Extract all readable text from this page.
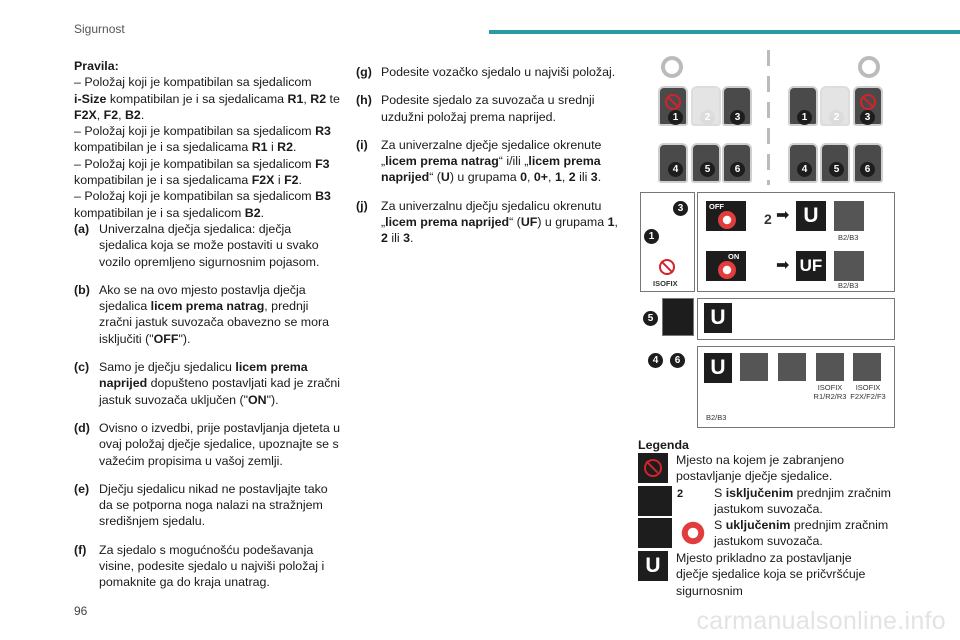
Sigurnost

Pravila:

– Položaj koji je kompatibilan sa sjedalicom

i-Size kompatibilan je i sa sjedalicama R1, R2 te

F2X, F2, B2.

– Položaj koji je kompatibilan sa sjedalicom R3

kompatibilan je i sa sjedalicama R1 i R2.

– Položaj koji je kompatibilan sa sjedalicom F3

kompatibilan je i sa sjedalicama F2X i F2.

– Položaj koji je kompatibilan sa sjedalicom B3

kompatibilan je i sa sjedalicom B2.

(a) Univerzalna dječja sjedalica: dječja sjedalica koja se može postaviti u svako vozilo opremljeno sigurnosnim pojasom.
(b) Ako se na ovo mjesto postavlja dječja sjedalica licem prema natrag, prednji zračni jastuk suvozača obavezno se mora isključiti ("OFF").
(c) Samo je dječju sjedalicu licem prema naprijed dopušteno postavljati kad je zračni jastuk suvozača uključen ("ON").
(d) Ovisno o izvedbi, prije postavljanja djeteta u ovaj položaj dječje sjedalice, upoznajte se s važećim propisima u vašoj zemlji.
(e) Dječju sjedalicu nikad ne postavljajte tako da se potporna noga nalazi na stražnjem središnjem sjedalu.
(f)	Za sjedalo s mogućnošću podešavanja visine, podesite sjedalo u najviši položaj i pomaknite ga do kraja unatrag.
(g) Podesite vozačko sjedalo u najviši položaj.
(h) Podesite sjedalo za suvozača u srednji uzdužni položaj prema naprijed.
(i)	Za univerzalne dječje sjedalice okrenute „licem prema natrag“ i/ili „licem prema naprijed“ (U) u grupama 0, 0+, 1, 2 ili 3.
(j)	Za univerzalnu dječju sjedalicu okrenutu „licem prema naprijed“ (UF) u grupama 1, 2 ili 3.
1	2	3
4	5	6
1	2	3
4	5	6
3
1
ISOFIX
OFF
2 ➡ U
B2/B3
ON
➡ UF
B2/B3
5	U
4	6	U
B2/B3
ISOFIX
R1/R2/R3
ISOFIX
F2X/F2/F3
Legenda
Mjesto na kojem je zabranjeno postavljanje dječje sjedalice.
2 S isključenim prednjim zračnim jastukom suvozača.
S uključenim prednjim zračnim jastukom suvozača.
U	Mjesto prikladno za postavljanje dječje sjedalice koja se pričvršćuje sigurnosnim
96	carmanualsonline.info
